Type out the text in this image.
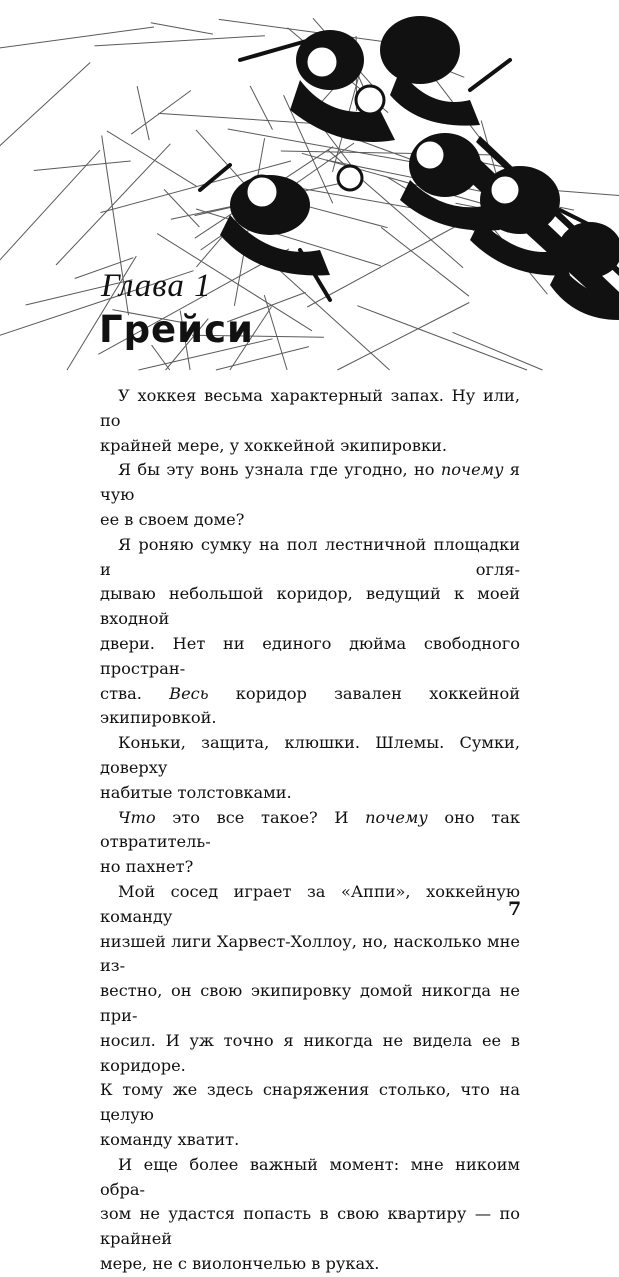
Глава 1
Грейси
У хоккея весьма характерный запах. Ну или, по
крайней мере, у хоккейной экипировки.
Я бы эту вонь узнала где угодно, но почему я чую
ее в своем доме?
Я роняю сумку на пол лестничной площадки и огля-
дываю небольшой коридор, ведущий к моей входной
двери. Нет ни единого дюйма свободного простран-
ства. Весь коридор завален хоккейной экипировкой.
Коньки, защита, клюшки. Шлемы. Сумки, доверху
набитые толстовками.
Что это все такое? И почему оно так отвратитель-
но пахнет?
Мой сосед играет за «Аппи», хоккейную команду
низшей лиги Харвест-Холлоу, но, насколько мне из-
вестно, он свою экипировку домой никогда не при-
носил. И уж точно я никогда не видела ее в коридоре.
К тому же здесь снаряжения столько, что на целую
команду хватит.
И еще более важный момент: мне никоим обра-
зом не удастся попасть в свою квартиру — по крайней
мере, не с виолончелью в руках.
7
